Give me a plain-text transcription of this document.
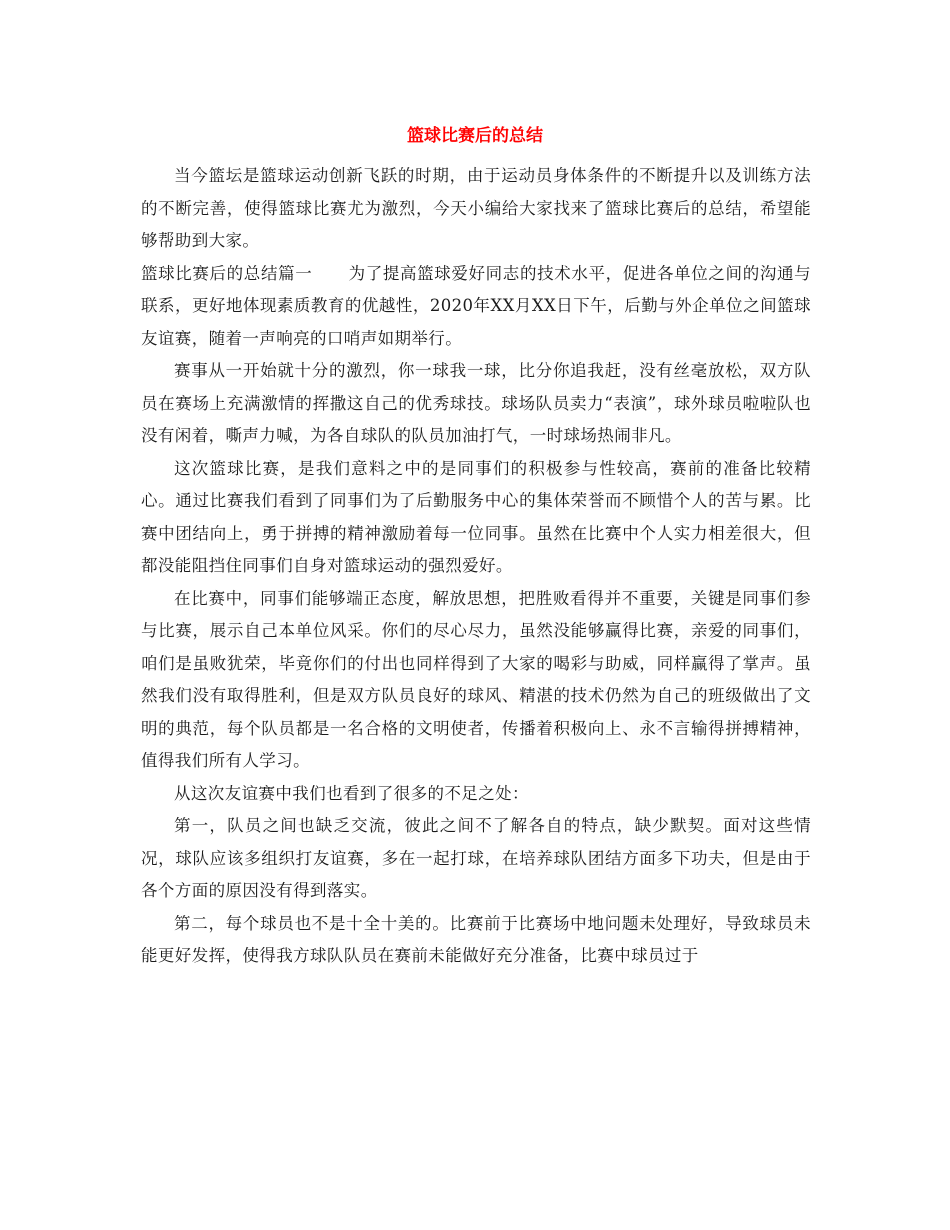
篮球比赛后的总结

当今篮坛是篮球运动创新飞跃的时期，由于运动员身体条件的不断提升以及训练方法的不断完善，使得篮球比赛尤为激烈，今天小编给大家找来了篮球比赛后的总结，希望能够帮助到大家。

篮球比赛后的总结篇一 为了提高篮球爱好同志的技术水平，促进各单位之间的沟通与联系，更好地体现素质教育的优越性，2020年XX月XX日下午，后勤与外企单位之间篮球友谊赛，随着一声响亮的口哨声如期举行。

赛事从一开始就十分的激烈，你一球我一球，比分你追我赶，没有丝毫放松，双方队员在赛场上充满激情的挥撒这自己的优秀球技。球场队员卖力“表演”，球外球员啦啦队也没有闲着，嘶声力喊，为各自球队的队员加油打气，一时球场热闹非凡。

这次篮球比赛，是我们意料之中的是同事们的积极参与性较高，赛前的准备比较精心。通过比赛我们看到了同事们为了后勤服务中心的集体荣誉而不顾惜个人的苦与累。比赛中团结向上，勇于拼搏的精神激励着每一位同事。虽然在比赛中个人实力相差很大，但都没能阻挡住同事们自身对篮球运动的强烈爱好。

在比赛中，同事们能够端正态度，解放思想，把胜败看得并不重要，关键是同事们参与比赛，展示自己本单位风采。你们的尽心尽力，虽然没能够赢得比赛，亲爱的同事们，咱们是虽败犹荣，毕竟你们的付出也同样得到了大家的喝彩与助威，同样赢得了掌声。虽然我们没有取得胜利，但是双方队员良好的球风、精湛的技术仍然为自己的班级做出了文明的典范，每个队员都是一名合格的文明使者，传播着积极向上、永不言输得拼搏精神，值得我们所有人学习。

从这次友谊赛中我们也看到了很多的不足之处：

第一，队员之间也缺乏交流，彼此之间不了解各自的特点，缺少默契。面对这些情况，球队应该多组织打友谊赛，多在一起打球，在培养球队团结方面多下功夫，但是由于各个方面的原因没有得到落实。

第二，每个球员也不是十全十美的。比赛前于比赛场中地问题未处理好，导致球员未能更好发挥，使得我方球队队员在赛前未能做好充分准备，比赛中球员过于
